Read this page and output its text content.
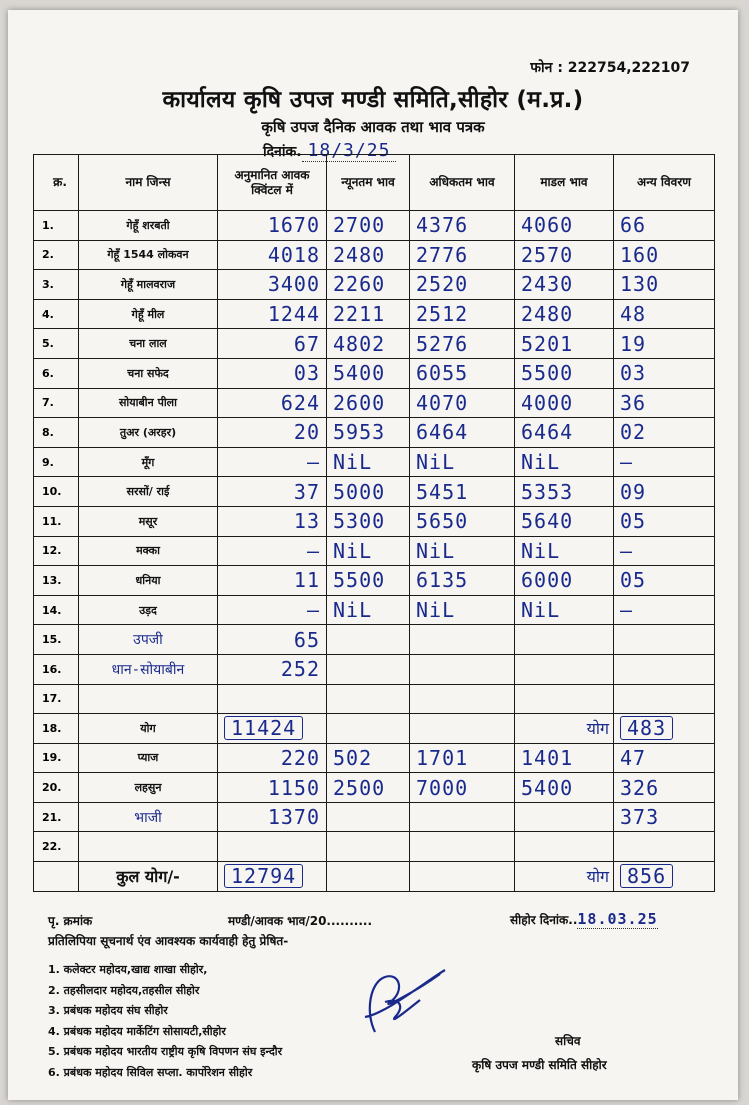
फोन : 222754,222107
कार्यालय कृषि उपज मण्डी समिति,सीहोर (म.प्र.)
कृषि उपज दैनिक आवक तथा भाव पत्रक
दिनांक. 18/3/25
क्र.	नाम जिन्स	अनुमानित आवक क्विंटल में	न्यूनतम भाव	अधिकतम भाव	माडल भाव	अन्य विवरण
1.	गेहूँ शरबती	1670	2700	4376	4060	66
2.	गेहूँ 1544 लोकवन	4018	2480	2776	2570	160
3.	गेहूँ मालवराज	3400	2260	2520	2430	130
4.	गेहूँ मील	1244	2211	2512	2480	48
5.	चना लाल	67	4802	5276	5201	19
6.	चना सफेद	03	5400	6055	5500	03
7.	सोयाबीन पीला	624	2600	4070	4000	36
8.	तुअर (अरहर)	20	5953	6464	6464	02
9.	मूँग	—	NiL	NiL	NiL	—
10.	सरसों/ राई	37	5000	5451	5353	09
11.	मसूर	13	5300	5650	5640	05
12.	मक्का	—	NiL	NiL	NiL	—
13.	धनिया	11	5500	6135	6000	05
14.	उड़द	—	NiL	NiL	NiL	—
15.	उपजी	65				
16.	धान-सोयाबीन	252				
17.						
18.	योग	11424			योग	483
19.	प्याज	220	502	1701	1401	47
20.	लहसुन	1150	2500	7000	5400	326
21.	भाजी	1370				373
22.						
	कुल योग/-	12794			योग	856
पृ. क्रमांक	मण्डी/आवक भाव/20..........	सीहोर दिनांक..18.03.25
प्रतिलिपिया सूचनार्थ एंव आवश्यक कार्यवाही हेतु प्रेषित-
1. कलेक्टर महोदय,खाद्य शाखा सीहोर,
2. तहसीलदार महोदय,तहसील सीहोर
3. प्रबंधक महोदय संघ सीहोर
4. प्रबंधक महोदय मार्केटिंग सोसायटी,सीहोर
5. प्रबंधक महोदय भारतीय राष्ट्रीय कृषि विपणन संघ इन्दौर
6. प्रबंधक महोदय सिविल सप्ला. कार्पोरेशन सीहोर
सचिव
कृषि उपज मण्डी समिति सीहोर
